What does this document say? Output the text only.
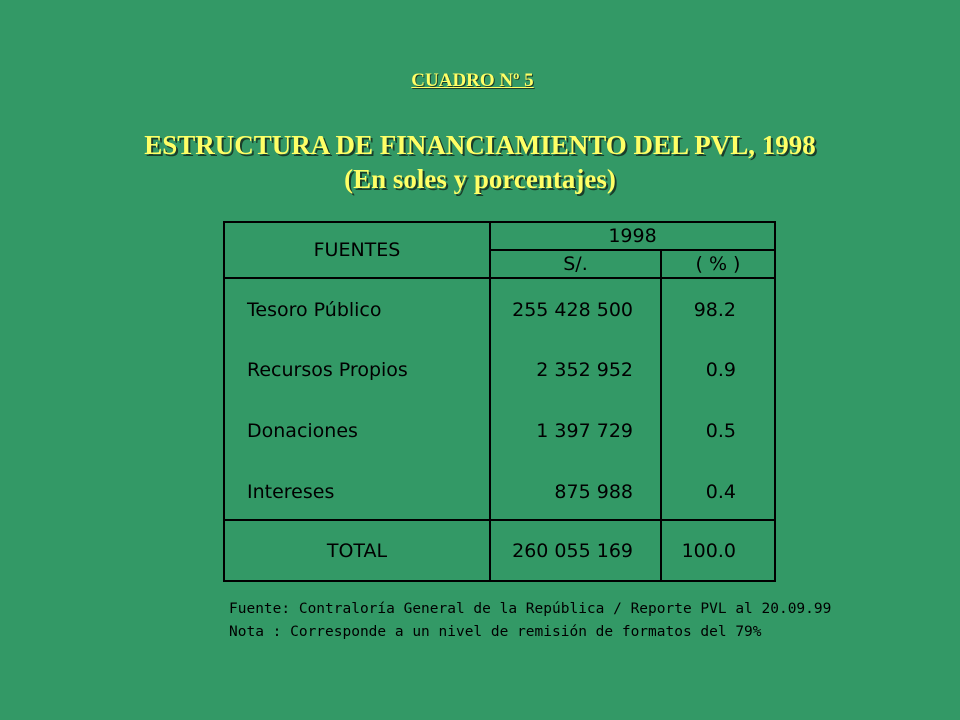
CUADRO Nº 5
ESTRUCTURA DE FINANCIAMIENTO DEL PVL, 1998
(En soles y porcentajes)
FUENTES
1998
S/.	( % )
Tesoro Público	255 428 500	98.2
Recursos Propios	2 352 952	0.9
Donaciones	1 397 729	0.5
Intereses	875 988	0.4
TOTAL	260 055 169	100.0
Fuente: Contraloría General de la República / Reporte PVL al 20.09.99
Nota : Corresponde a un nivel de remisión de formatos del 79%
